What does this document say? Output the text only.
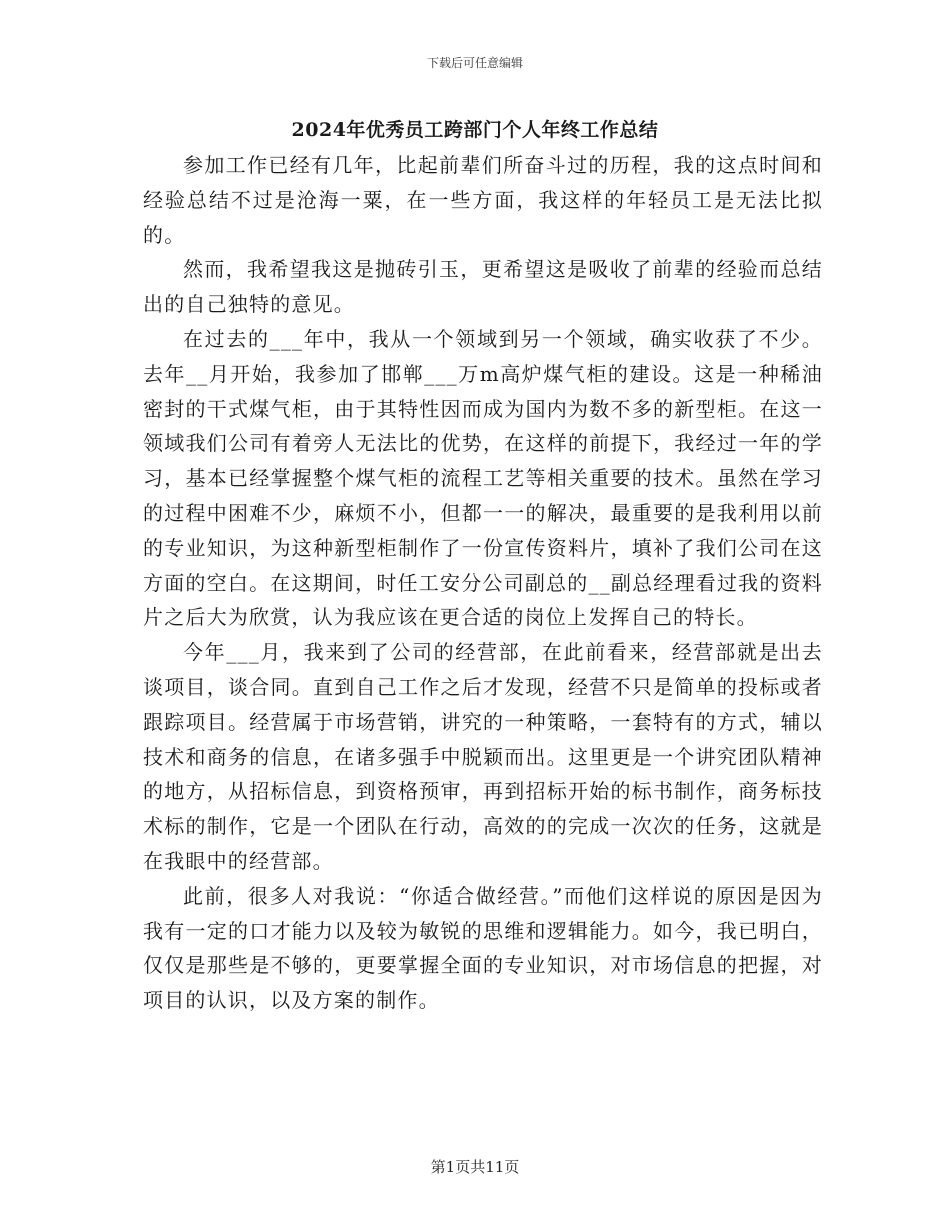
下载后可任意编辑
2024年优秀员工跨部门个人年终工作总结

参加工作已经有几年，比起前辈们所奋斗过的历程，我的这点时间和经验总结不过是沧海一粟，在一些方面，我这样的年轻员工是无法比拟的。

然而，我希望我这是抛砖引玉，更希望这是吸收了前辈的经验而总结出的自己独特的意见。

在过去的___年中，我从一个领域到另一个领域，确实收获了不少。去年__月开始，我参加了邯郸___万m高炉煤气柜的建设。这是一种稀油密封的干式煤气柜，由于其特性因而成为国内为数不多的新型柜。在这一领域我们公司有着旁人无法比的优势，在这样的前提下，我经过一年的学习，基本已经掌握整个煤气柜的流程工艺等相关重要的技术。虽然在学习的过程中困难不少，麻烦不小，但都一一的解决，最重要的是我利用以前的专业知识，为这种新型柜制作了一份宣传资料片，填补了我们公司在这方面的空白。在这期间，时任工安分公司副总的__副总经理看过我的资料片之后大为欣赏，认为我应该在更合适的岗位上发挥自己的特长。

今年___月，我来到了公司的经营部，在此前看来，经营部就是出去谈项目，谈合同。直到自己工作之后才发现，经营不只是简单的投标或者跟踪项目。经营属于市场营销，讲究的一种策略，一套特有的方式，辅以技术和商务的信息，在诸多强手中脱颖而出。这里更是一个讲究团队精神的地方，从招标信息，到资格预审，再到招标开始的标书制作，商务标技术标的制作，它是一个团队在行动，高效的的完成一次次的任务，这就是在我眼中的经营部。

此前，很多人对我说：“你适合做经营。”而他们这样说的原因是因为我有一定的口才能力以及较为敏锐的思维和逻辑能力。如今，我已明白，仅仅是那些是不够的，更要掌握全面的专业知识，对市场信息的把握，对项目的认识，以及方案的制作。

第1页共11页
